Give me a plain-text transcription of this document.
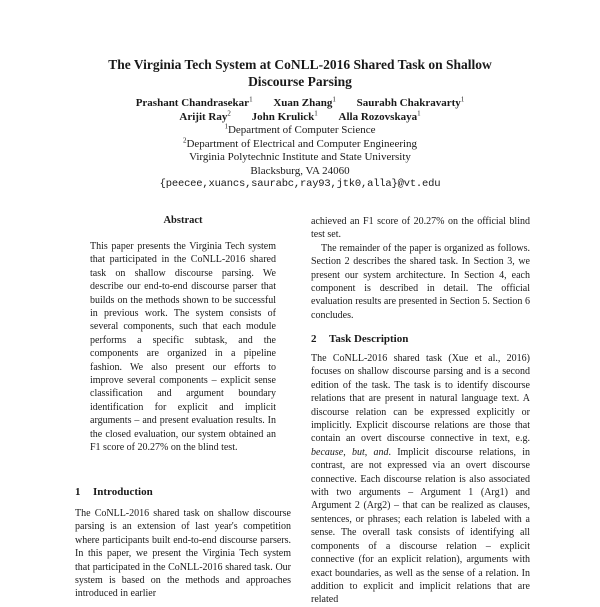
The Virginia Tech System at CoNLL-2016 Shared Task on Shallow
Discourse Parsing
Prashant Chandrasekar$^1$ Xuan Zhang$^1$ Saurabh Chakravarty$^1$
Arijit Ray$^2$ John Krulick$^1$ Alla Rozovskaya$^1$
$^1$Department of Computer Science
$^2$Department of Electrical and Computer Engineering
Virginia Polytechnic Institute and State University
Blacksburg, VA 24060
{peecee,xuancs,saurabc,ray93,jtk0,alla}@vt.edu
Abstract
This paper presents the Virginia Tech system that participated in the CoNLL-2016 shared task on shallow discourse parsing. We describe our end-to-end discourse parser that builds on the methods shown to be successful in previous work. The system consists of several components, such that each module performs a specific subtask, and the components are organized in a pipeline fashion. We also present our efforts to improve several components – explicit sense classification and argument boundary identification for explicit and implicit arguments – and present evaluation results. In the closed evaluation, our system obtained an F1 score of 20.27% on the blind test.
1 Introduction

The CoNLL-2016 shared task on shallow discourse parsing is an extension of last year's competition where participants built end-to-end discourse parsers. In this paper, we present the Virginia Tech system that participated in the CoNLL-2016 shared task. Our system is based on the methods and approaches introduced in earlier

achieved an F1 score of 20.27% on the official blind test set.

The remainder of the paper is organized as follows. Section 2 describes the shared task. In Section 3, we present our system architecture. In Section 4, each component is described in detail. The official evaluation results are presented in Section 5. Section 6 concludes.

2 Task Description

The CoNLL-2016 shared task (Xue et al., 2016) focuses on shallow discourse parsing and is a second edition of the task. The task is to identify discourse relations that are present in natural language text. A discourse relation can be expressed explicitly or implicitly. Explicit discourse relations are those that contain an overt discourse connective in text, e.g. because, but, and. Implicit discourse relations, in contrast, are not expressed via an overt discourse connective. Each discourse relation is also associated with two arguments – Argument 1 (Arg1) and Argument 2 (Arg2) – that can be realized as clauses, sentences, or phrases; each relation is labeled with a sense. The overall task consists of identifying all components of a discourse relation – explicit connective (for an explicit relation), arguments with exact boundaries, as well as the sense of a relation. In addition to explicit and implicit relations that are related
